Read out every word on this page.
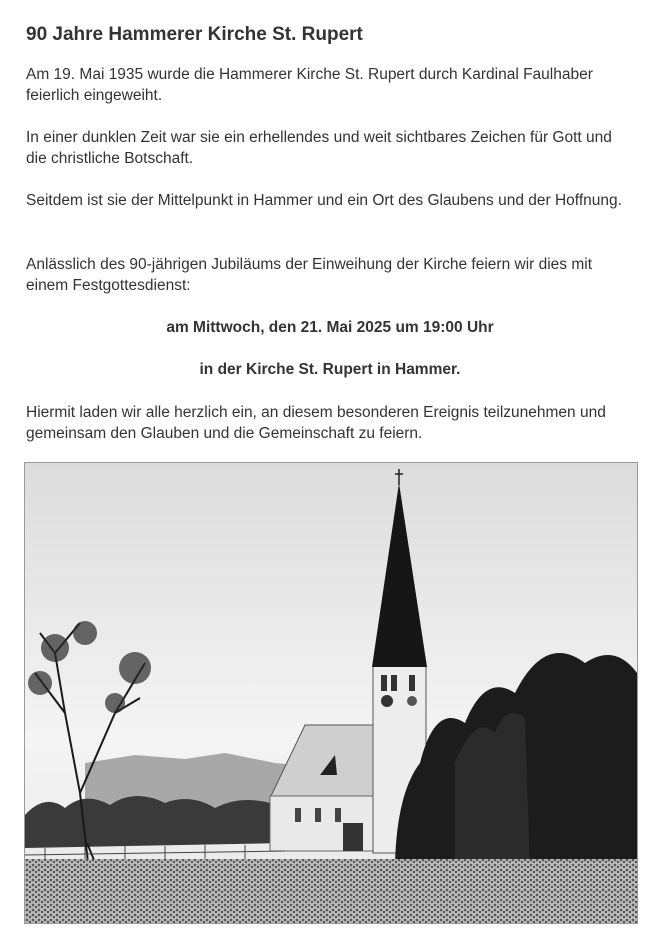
90 Jahre Hammerer Kirche St. Rupert

Am 19. Mai 1935 wurde die Hammerer Kirche St. Rupert durch Kardinal Faulhaber feierlich eingeweiht.

In einer dunklen Zeit war sie ein erhellendes und weit sichtbares Zeichen für Gott und die christliche Botschaft.

Seitdem ist sie der Mittelpunkt in Hammer und ein Ort des Glaubens und der Hoffnung.

Anlässlich des 90-jährigen Jubiläums der Einweihung der Kirche feiern wir dies mit einem Festgottesdienst:

am Mittwoch, den 21. Mai 2025 um 19:00 Uhr

in der Kirche St. Rupert in Hammer.

Hiermit laden wir alle herzlich ein, an diesem besonderen Ereignis teilzunehmen und gemeinsam den Glauben und die Gemeinschaft zu feiern.
